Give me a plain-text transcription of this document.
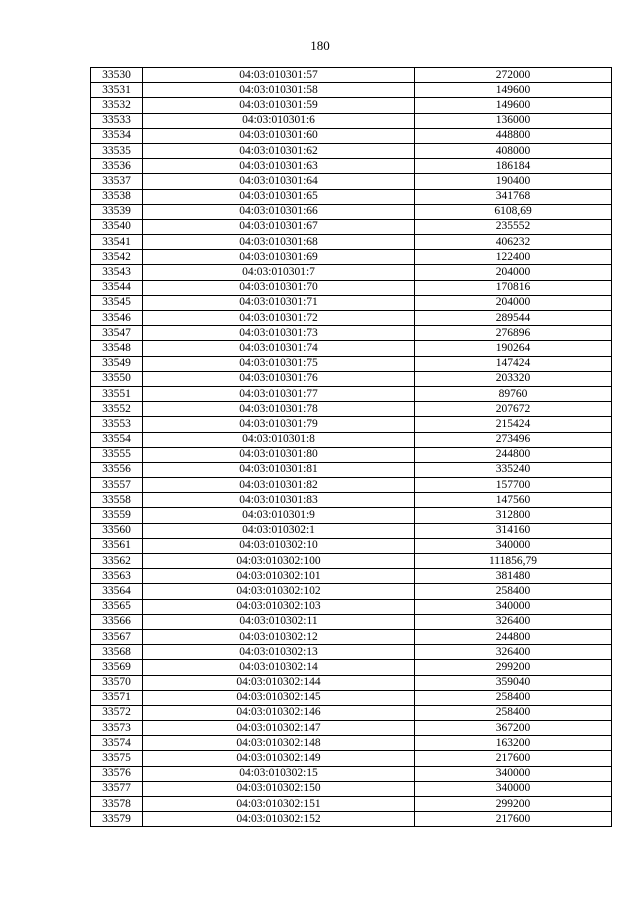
180
33530	04:03:010301:57	272000
33531	04:03:010301:58	149600
33532	04:03:010301:59	149600
33533	04:03:010301:6	136000
33534	04:03:010301:60	448800
33535	04:03:010301:62	408000
33536	04:03:010301:63	186184
33537	04:03:010301:64	190400
33538	04:03:010301:65	341768
33539	04:03:010301:66	6108,69
33540	04:03:010301:67	235552
33541	04:03:010301:68	406232
33542	04:03:010301:69	122400
33543	04:03:010301:7	204000
33544	04:03:010301:70	170816
33545	04:03:010301:71	204000
33546	04:03:010301:72	289544
33547	04:03:010301:73	276896
33548	04:03:010301:74	190264
33549	04:03:010301:75	147424
33550	04:03:010301:76	203320
33551	04:03:010301:77	89760
33552	04:03:010301:78	207672
33553	04:03:010301:79	215424
33554	04:03:010301:8	273496
33555	04:03:010301:80	244800
33556	04:03:010301:81	335240
33557	04:03:010301:82	157700
33558	04:03:010301:83	147560
33559	04:03:010301:9	312800
33560	04:03:010302:1	314160
33561	04:03:010302:10	340000
33562	04:03:010302:100	111856,79
33563	04:03:010302:101	381480
33564	04:03:010302:102	258400
33565	04:03:010302:103	340000
33566	04:03:010302:11	326400
33567	04:03:010302:12	244800
33568	04:03:010302:13	326400
33569	04:03:010302:14	299200
33570	04:03:010302:144	359040
33571	04:03:010302:145	258400
33572	04:03:010302:146	258400
33573	04:03:010302:147	367200
33574	04:03:010302:148	163200
33575	04:03:010302:149	217600
33576	04:03:010302:15	340000
33577	04:03:010302:150	340000
33578	04:03:010302:151	299200
33579	04:03:010302:152	217600
